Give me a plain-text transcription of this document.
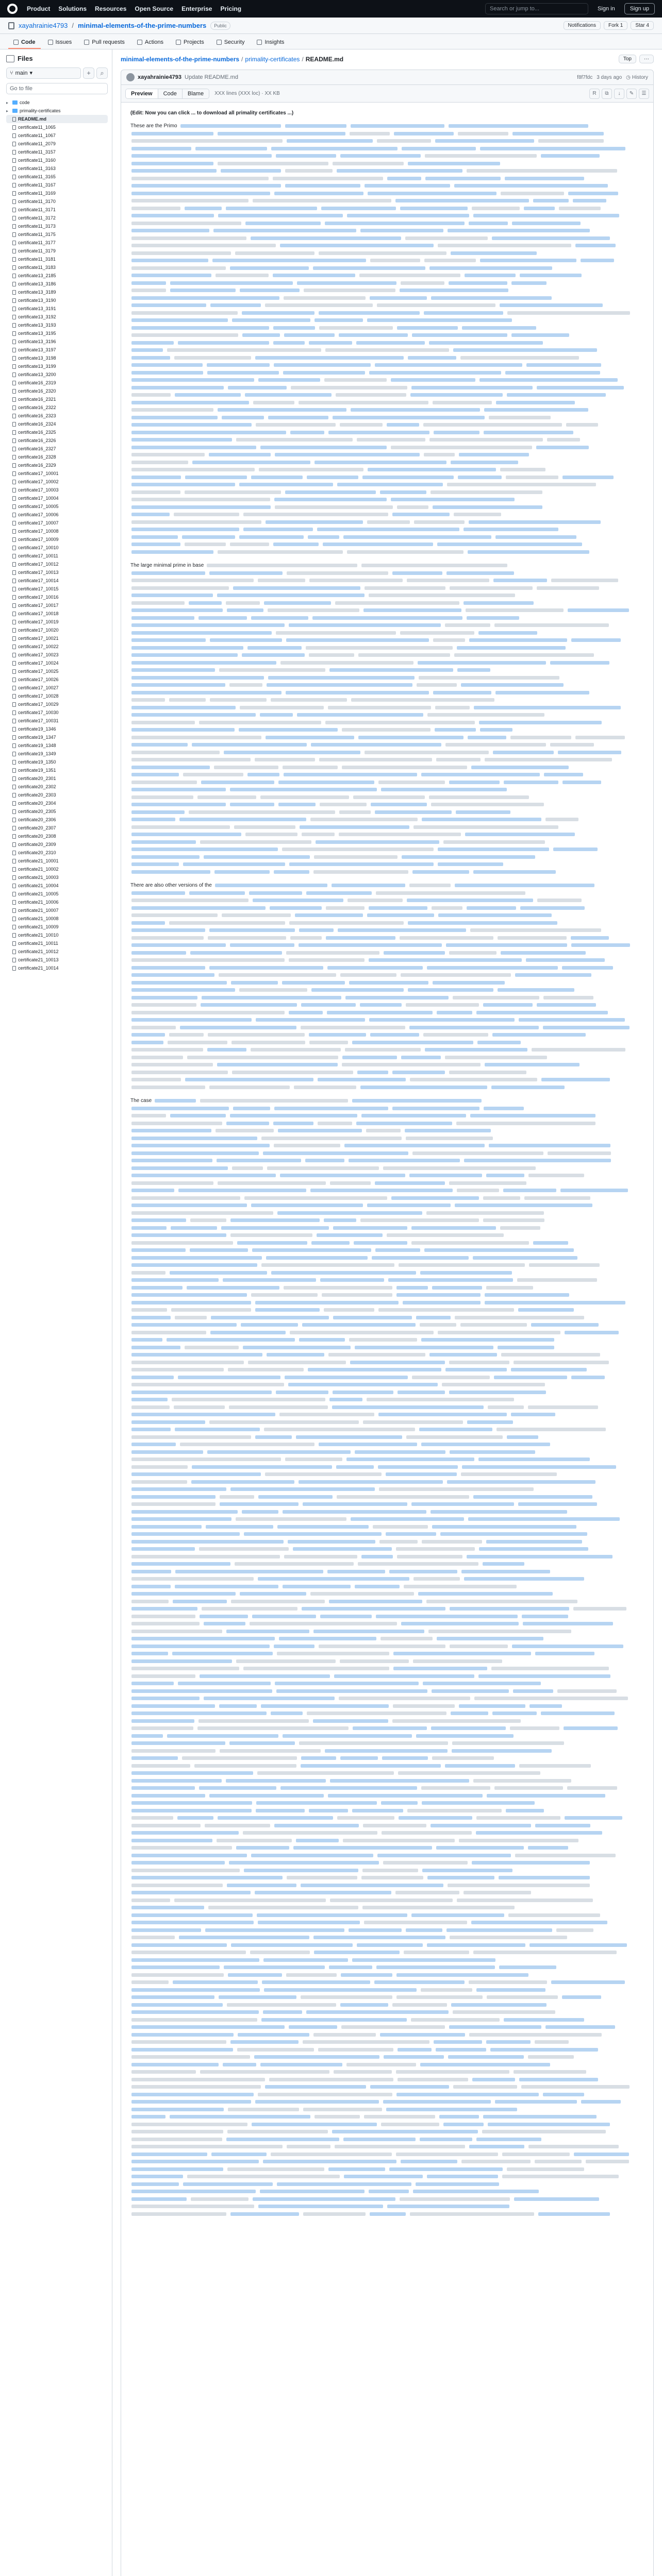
Product Solutions Resources Open Source Enterprise Pricing	Search or jump to...	Sign in	Sign up
xayahrainie4793 / minimal-elements-of-the-prime-numbers	Public	Notifications	Fork 1	Star 4
Code	Issues	Pull requests	Actions	Projects	Security	Insights
Files
⑂ main ▾	+	⌕
Go to file
▸	code
▸	primality-certificates
README.md
certificate11_1065
certificate11_1067
certificate11_2079
certificate11_3157
certificate11_3160
certificate11_3163
certificate11_3165
certificate11_3167
certificate11_3169
certificate11_3170
certificate11_3171
certificate11_3172
certificate11_3173
certificate11_3175
certificate11_3177
certificate11_3179
certificate11_3181
certificate11_3183
certificate13_2185
certificate13_3186
certificate13_3189
certificate13_3190
certificate13_3191
certificate13_3192
certificate13_3193
certificate13_3195
certificate13_3196
certificate13_3197
certificate13_3198
certificate13_3199
certificate13_3200
certificate16_2319
certificate16_2320
certificate16_2321
certificate16_2322
certificate16_2323
certificate16_2324
certificate16_2325
certificate16_2326
certificate16_2327
certificate16_2328
certificate16_2329
certificate17_10001
certificate17_10002
certificate17_10003
certificate17_10004
certificate17_10005
certificate17_10006
certificate17_10007
certificate17_10008
certificate17_10009
certificate17_10010
certificate17_10011
certificate17_10012
certificate17_10013
certificate17_10014
certificate17_10015
certificate17_10016
certificate17_10017
certificate17_10018
certificate17_10019
certificate17_10020
certificate17_10021
certificate17_10022
certificate17_10023
certificate17_10024
certificate17_10025
certificate17_10026
certificate17_10027
certificate17_10028
certificate17_10029
certificate17_10030
certificate17_10031
certificate19_1346
certificate19_1347
certificate19_1348
certificate19_1349
certificate19_1350
certificate19_1351
certificate20_2301
certificate20_2302
certificate20_2303
certificate20_2304
certificate20_2305
certificate20_2306
certificate20_2307
certificate20_2308
certificate20_2309
certificate20_2310
certificate21_10001
certificate21_10002
certificate21_10003
certificate21_10004
certificate21_10005
certificate21_10006
certificate21_10007
certificate21_10008
certificate21_10009
certificate21_10010
certificate21_10011
certificate21_10012
certificate21_10013
certificate21_10014
minimal-elements-of-the-prime-numbers / primality-certificates / README.md	Top	···
xayahrainie4793 Update README.md	f8f7fdc 3 days ago ◷ History
Preview	Code	Blame	XXX lines (XXX loc) · XX KB	R	⧉	↓	✎	☰

(Edit: Now you can click ... to download all primality certificates ...)

These are the Primo
The large minimal prime in base
There are also other versions of the
The case
